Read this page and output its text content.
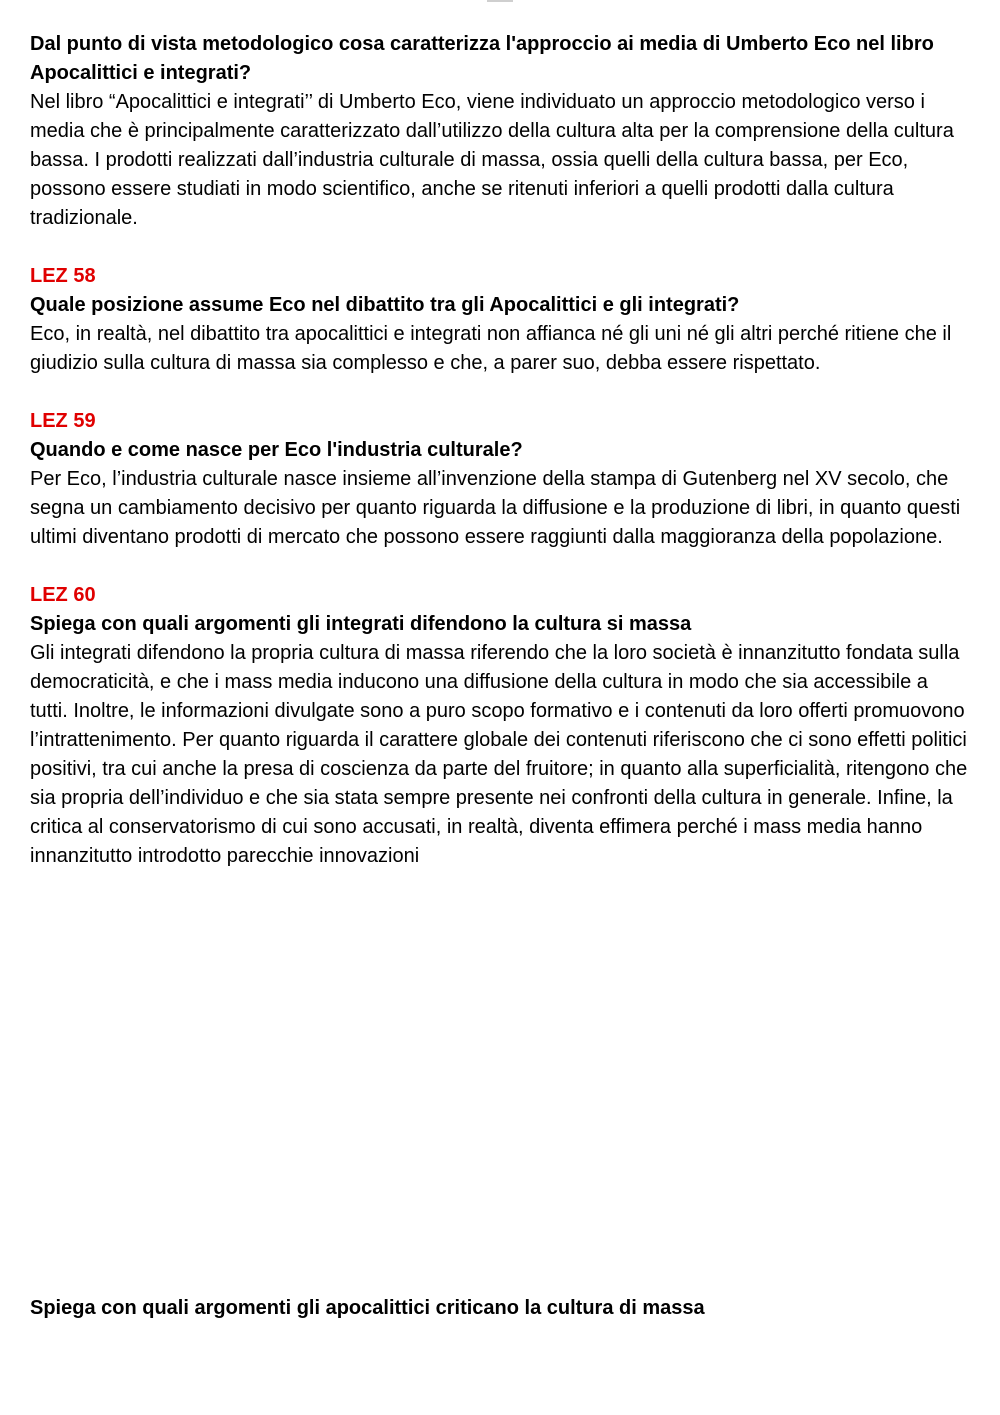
Dal punto di vista metodologico cosa caratterizza l'approccio ai media di Umberto Eco nel libro Apocalittici e integrati?

Nel libro “Apocalittici e integrati’’ di Umberto Eco, viene individuato un approccio metodologico verso i media che è principalmente caratterizzato dall’utilizzo della cultura alta per la comprensione della cultura bassa. I prodotti realizzati dall’industria culturale di massa, ossia quelli della cultura bassa, per Eco, possono essere studiati in modo scientifico, anche se ritenuti inferiori a quelli prodotti dalla cultura tradizionale.

LEZ 58

Quale posizione assume Eco nel dibattito tra gli Apocalittici e gli integrati?

Eco, in realtà, nel dibattito tra apocalittici e integrati non affianca né gli uni né gli altri perché ritiene che il giudizio sulla cultura di massa sia complesso e che, a parer suo, debba essere rispettato.

LEZ 59

Quando e come nasce per Eco l'industria culturale?

Per Eco, l’industria culturale nasce insieme all’invenzione della stampa di Gutenberg nel XV secolo, che segna un cambiamento decisivo per quanto riguarda la diffusione e la produzione di libri, in quanto questi ultimi diventano prodotti di mercato che possono essere raggiunti dalla maggioranza della popolazione.

LEZ 60

Spiega con quali argomenti gli integrati difendono la cultura si massa

Gli integrati difendono la propria cultura di massa riferendo che la loro società è innanzitutto fondata sulla democraticità, e che i mass media inducono una diffusione della cultura in modo che sia accessibile a tutti. Inoltre, le informazioni divulgate sono a puro scopo formativo e i contenuti da loro offerti promuovono l’intrattenimento. Per quanto riguarda il carattere globale dei contenuti riferiscono che ci sono effetti politici positivi, tra cui anche la presa di coscienza da parte del fruitore; in quanto alla superficialità, ritengono che sia propria dell’individuo e che sia stata sempre presente nei confronti della cultura in generale. Infine, la critica al conservatorismo di cui sono accusati, in realtà, diventa effimera perché i mass media hanno innanzitutto introdotto parecchie innovazioni

Spiega con quali argomenti gli apocalittici criticano la cultura di massa
